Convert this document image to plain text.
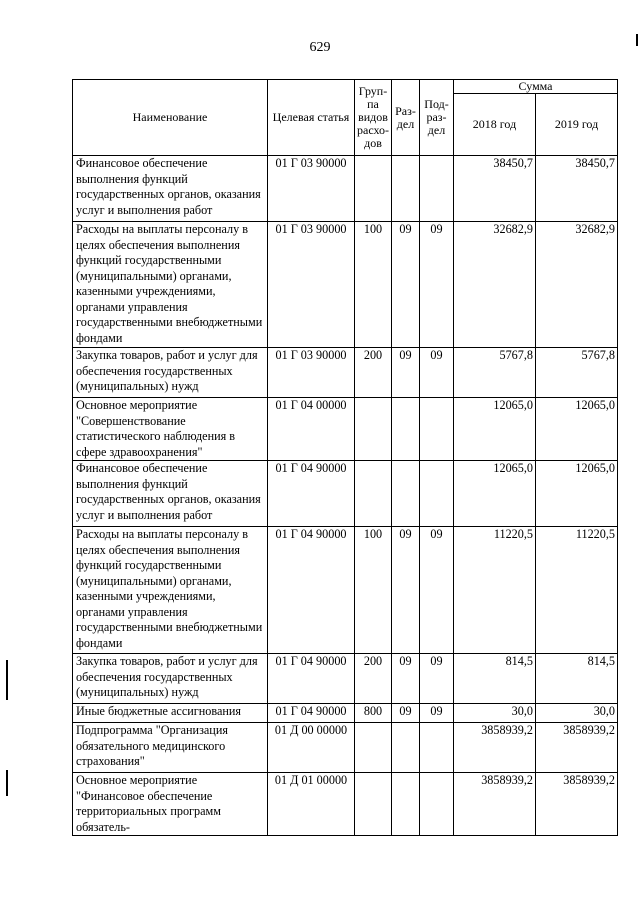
629
Наименование	Целевая статья	Груп-па видов расхо-дов	Раз-дел	Под-раз-дел	Сумма	
					2018 год	2019 год
Финансовое обеспечение выполнения функций государственных органов, оказания услуг и выполнения работ	01 Г 03 90000				38450,7	38450,7
Расходы на выплаты персоналу в целях обеспечения выполнения функций государственными (муниципальными) органами, казенными учреждениями, органами управления государственными внебюджетными фондами	01 Г 03 90000	100	09	09	32682,9	32682,9
Закупка товаров, работ и услуг для обеспечения государственных (муниципальных) нужд	01 Г 03 90000	200	09	09	5767,8	5767,8
Основное мероприятие "Совершенствование статистического наблюдения в сфере здравоохранения"	01 Г 04 00000				12065,0	12065,0
Финансовое обеспечение выполнения функций государственных органов, оказания услуг и выполнения работ	01 Г 04 90000				12065,0	12065,0
Расходы на выплаты персоналу в целях обеспечения выполнения функций государственными (муниципальными) органами, казенными учреждениями, органами управления государственными внебюджетными фондами	01 Г 04 90000	100	09	09	11220,5	11220,5
Закупка товаров, работ и услуг для обеспечения государственных (муниципальных) нужд	01 Г 04 90000	200	09	09	814,5	814,5
Иные бюджетные ассигнования	01 Г 04 90000	800	09	09	30,0	30,0
Подпрограмма "Организация обязательного медицинского страхования"	01 Д 00 00000				3858939,2	3858939,2
Основное мероприятие "Финансовое обеспечение территориальных программ обязатель-	01 Д 01 00000				3858939,2	3858939,2
